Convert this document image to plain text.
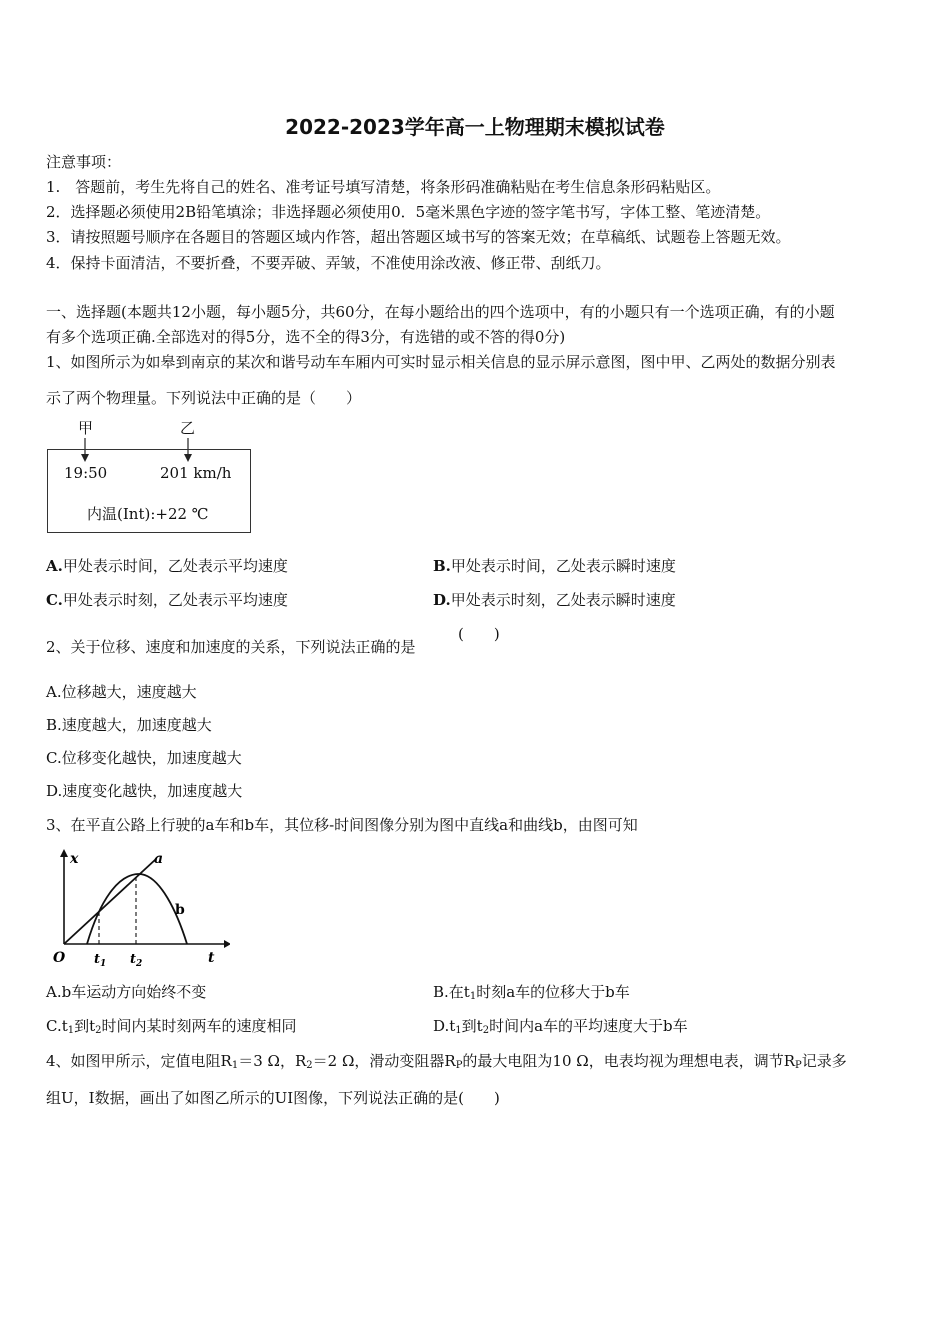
2022-2023学年高一上物理期末模拟试卷
注意事项：
1.　答题前，考生先将自己的姓名、准考证号填写清楚，将条形码准确粘贴在考生信息条形码粘贴区。
2．选择题必须使用2B铅笔填涂；非选择题必须使用0．5毫米黑色字迹的签字笔书写，字体工整、笔迹清楚。
3．请按照题号顺序在各题目的答题区域内作答，超出答题区域书写的答案无效；在草稿纸、试题卷上答题无效。
4．保持卡面清洁，不要折叠，不要弄破、弄皱，不准使用涂改液、修正带、刮纸刀。
一、选择题(本题共12小题，每小题5分，共60分，在每小题给出的四个选项中，有的小题只有一个选项正确，有的小题
有多个选项正确.全部选对的得5分，选不全的得3分，有选错的或不答的得0分)
1、如图所示为如皋到南京的某次和谐号动车车厢内可实时显示相关信息的显示屏示意图，图中甲、乙两处的数据分别表
示了两个物理量。下列说法中正确的是（　　）
甲	乙
19:50	201 km/h
内温(Int):+22 ℃
A.甲处表示时间，乙处表示平均速度	B.甲处表示时间，乙处表示瞬时速度
C.甲处表示时刻，乙处表示平均速度	D.甲处表示时刻，乙处表示瞬时速度
2、关于位移、速度和加速度的关系，下列说法正确的是
(　　)
A.位移越大，速度越大
B.速度越大，加速度越大
C.位移变化越快，加速度越大
D.速度变化越快，加速度越大
3、在平直公路上行驶的a车和b车，其位移-时间图像分别为图中直线a和曲线b，由图可知
x
t
O $t_1$ $t_2$
a
b
A.b车运动方向始终不变	B.在$t_1$时刻a车的位移大于b车
$C.t_1$到$t_2$时间内某时刻两车的速度相同	$D.t_1$到$t_2$时间内a车的平均速度大于b车
4、如图甲所示，定值电阻$R_1=3$ Ω，$R_2=2$ Ω，滑动变阻器$R_P$的最大电阻为10 Ω，电表均视为理想电表，调节$R_P$记录多
组U，I数据，画出了如图乙所示的UI图像，下列说法正确的是(　　)
